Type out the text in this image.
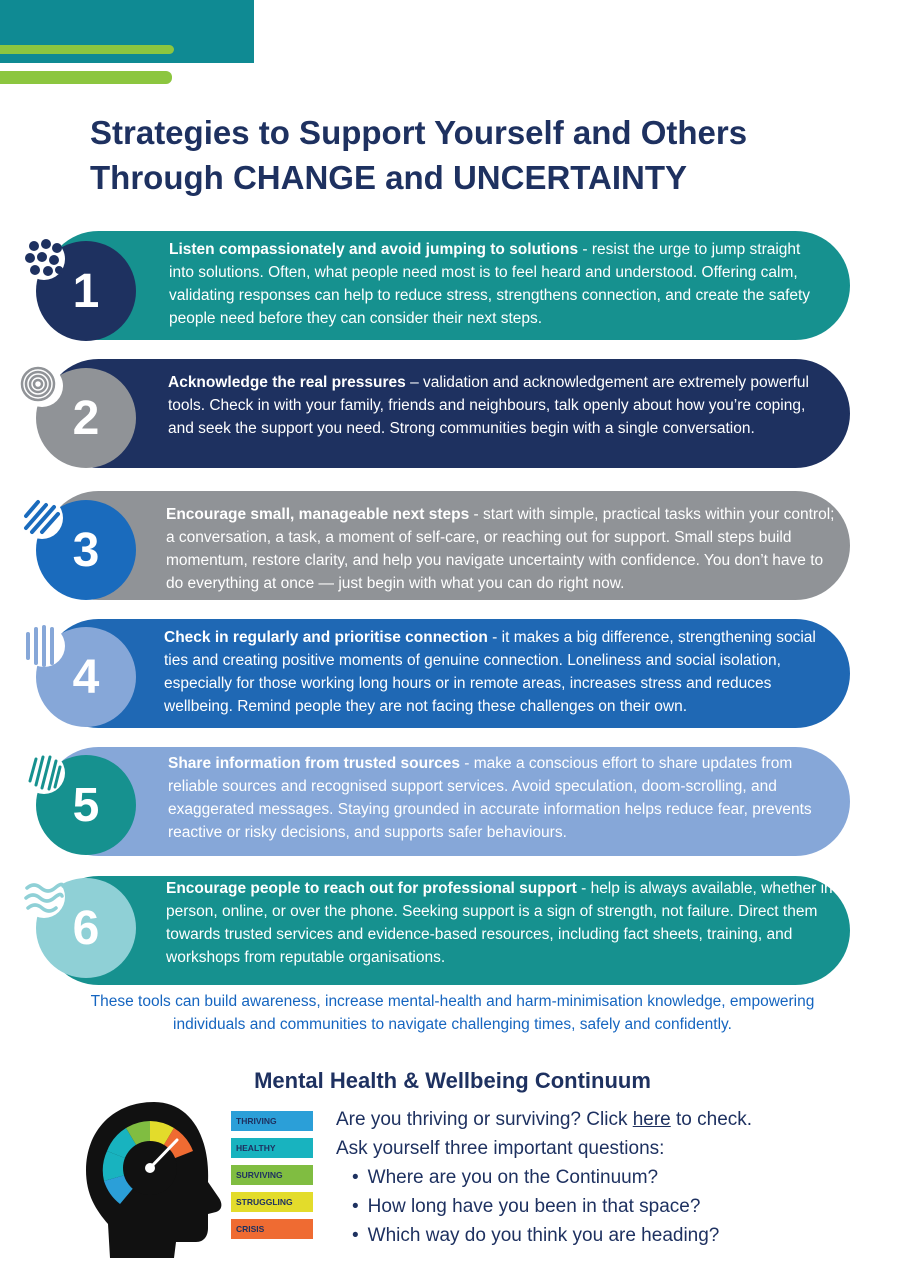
Strategies to Support Yourself and Others
Through CHANGE and UNCERTAINTY
Listen compassionately and avoid jumping to solutions - resist the urge to jump straight into solutions. Often, what people need most is to feel heard and understood. Offering calm, validating responses can help to reduce stress, strengthens connection, and create the safety people need before they can consider their next steps.
1
Acknowledge the real pressures – validation and acknowledgement are extremely powerful tools. Check in with your family, friends and neighbours, talk openly about how you’re coping, and seek the support you need. Strong communities begin with a single conversation.
2
Encourage small, manageable next steps - start with simple, practical tasks within your control; a conversation, a task, a moment of self-care, or reaching out for support. Small steps build momentum, restore clarity, and help you navigate uncertainty with confidence. You don’t have to do everything at once — just begin with what you can do right now.
3
Check in regularly and prioritise connection - it makes a big difference, strengthening social ties and creating positive moments of genuine connection. Loneliness and social isolation, especially for those working long hours or in remote areas, increases stress and reduces wellbeing. Remind people they are not facing these challenges on their own.
4
Share information from trusted sources - make a conscious effort to share updates from reliable sources and recognised support services. Avoid speculation, doom-scrolling, and exaggerated messages. Staying grounded in accurate information helps reduce fear, prevents reactive or risky decisions, and supports safer behaviours.
5
Encourage people to reach out for professional support - help is always available, whether in person, online, or over the phone. Seeking support is a sign of strength, not failure. Direct them towards trusted services and evidence-based resources, including fact sheets, training, and workshops from reputable organisations.
6
These tools can build awareness, increase mental-health and harm-minimisation knowledge, empowering individuals and communities to navigate challenging times, safely and confidently.
Mental Health & Wellbeing Continuum
THRIVING
HEALTHY
SURVIVING
STRUGGLING
CRISIS
Are you thriving or surviving? Click here to check.
Ask yourself three important questions:
• Where are you on the Continuum?
• How long have you been in that space?
• Which way do you think you are heading?
